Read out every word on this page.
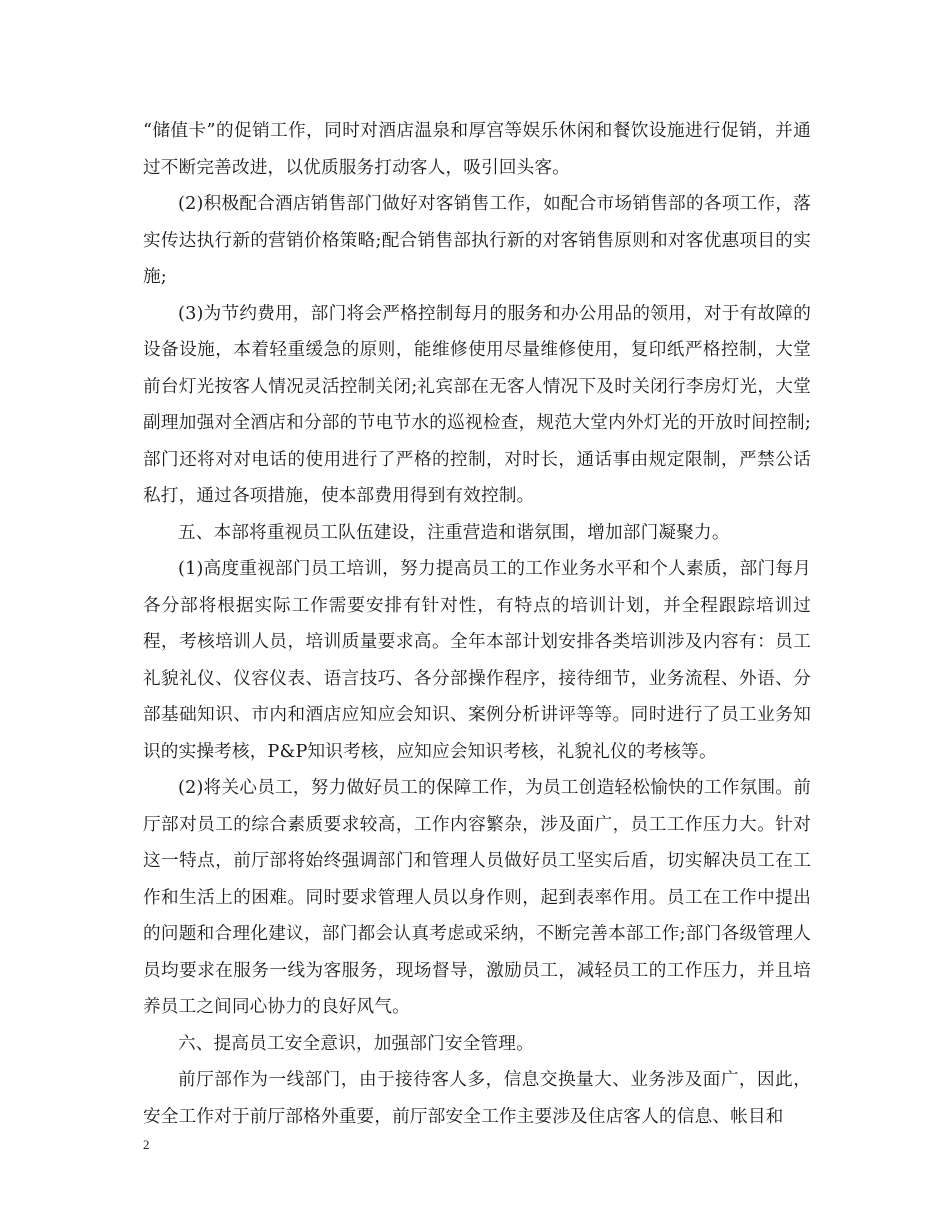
“储值卡”的促销工作，同时对酒店温泉和厚宫等娱乐休闲和餐饮设施进行促销，并通过不断完善改进，以优质服务打动客人，吸引回头客。

(2)积极配合酒店销售部门做好对客销售工作，如配合市场销售部的各项工作，落实传达执行新的营销价格策略;配合销售部执行新的对客销售原则和对客优惠项目的实施;

(3)为节约费用，部门将会严格控制每月的服务和办公用品的领用，对于有故障的设备设施，本着轻重缓急的原则，能维修使用尽量维修使用，复印纸严格控制，大堂前台灯光按客人情况灵活控制关闭;礼宾部在无客人情况下及时关闭行李房灯光，大堂副理加强对全酒店和分部的节电节水的巡视检查，规范大堂内外灯光的开放时间控制;部门还将对对电话的使用进行了严格的控制，对时长，通话事由规定限制，严禁公话私打，通过各项措施，使本部费用得到有效控制。

五、本部将重视员工队伍建设，注重营造和谐氛围，增加部门凝聚力。

(1)高度重视部门员工培训，努力提高员工的工作业务水平和个人素质，部门每月各分部将根据实际工作需要安排有针对性，有特点的培训计划，并全程跟踪培训过程，考核培训人员，培训质量要求高。全年本部计划安排各类培训涉及内容有：员工礼貌礼仪、仪容仪表、语言技巧、各分部操作程序，接待细节，业务流程、外语、分部基础知识、市内和酒店应知应会知识、案例分析讲评等等。同时进行了员工业务知识的实操考核，P&P知识考核，应知应会知识考核，礼貌礼仪的考核等。

(2)将关心员工，努力做好员工的保障工作，为员工创造轻松愉快的工作氛围。前厅部对员工的综合素质要求较高，工作内容繁杂，涉及面广，员工工作压力大。针对这一特点，前厅部将始终强调部门和管理人员做好员工坚实后盾，切实解决员工在工作和生活上的困难。同时要求管理人员以身作则，起到表率作用。员工在工作中提出的问题和合理化建议，部门都会认真考虑或采纳，不断完善本部工作;部门各级管理人员均要求在服务一线为客服务，现场督导，激励员工，减轻员工的工作压力，并且培养员工之间同心协力的良好风气。

六、提高员工安全意识，加强部门安全管理。

前厅部作为一线部门，由于接待客人多，信息交换量大、业务涉及面广，因此，安全工作对于前厅部格外重要，前厅部安全工作主要涉及住店客人的信息、帐目和

2
